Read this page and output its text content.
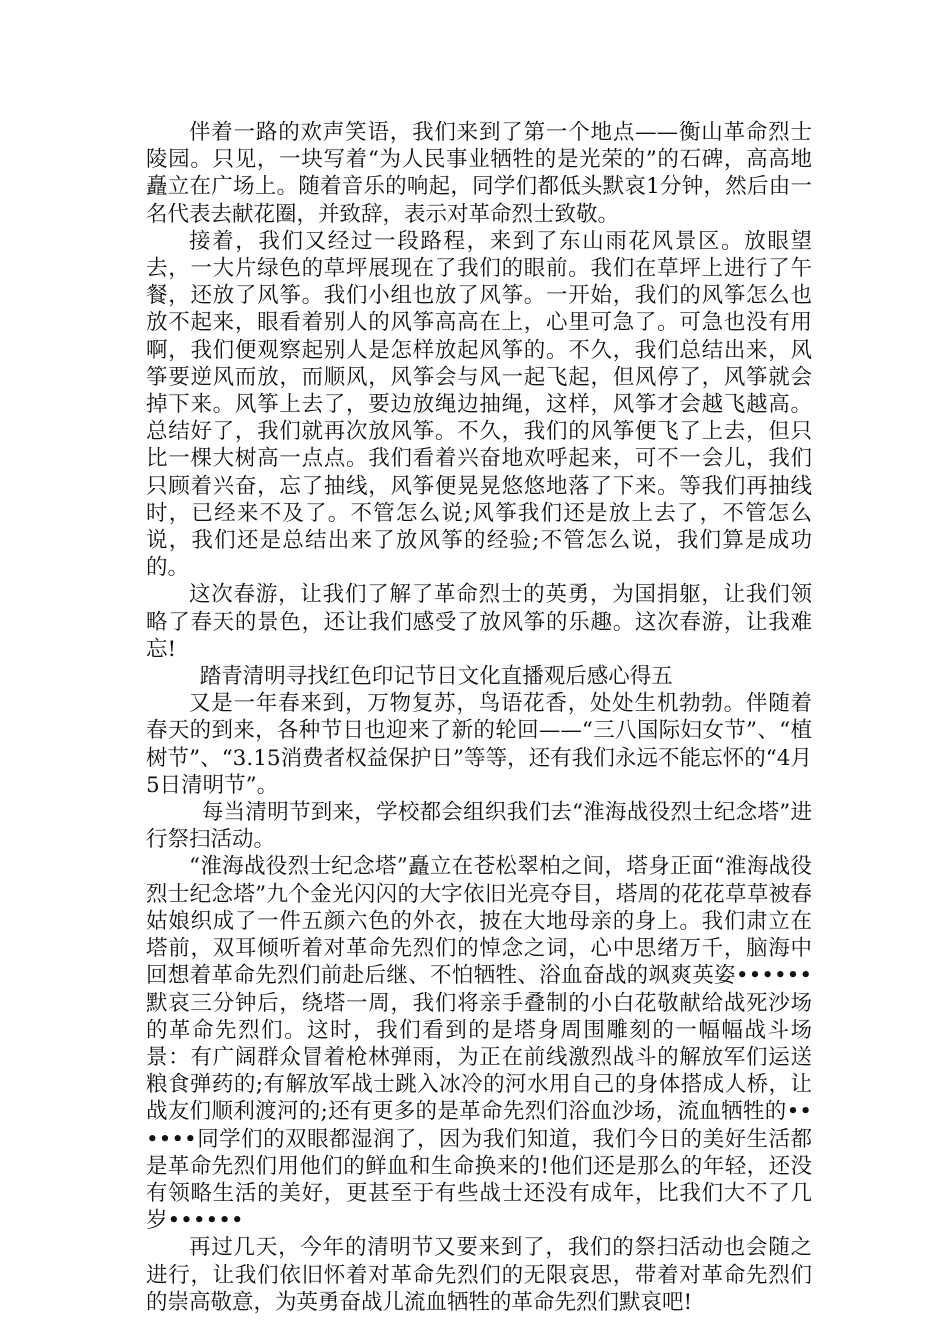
伴着一路的欢声笑语，我们来到了第一个地点——衡山革命烈士陵园。只见，一块写着“为人民事业牺牲的是光荣的”的石碑，高高地矗立在广场上。随着音乐的响起，同学们都低头默哀1分钟，然后由一名代表去献花圈，并致辞，表示对革命烈士致敬。

接着，我们又经过一段路程，来到了东山雨花风景区。放眼望去，一大片绿色的草坪展现在了我们的眼前。我们在草坪上进行了午餐，还放了风筝。我们小组也放了风筝。一开始，我们的风筝怎么也放不起来，眼看着别人的风筝高高在上，心里可急了。可急也没有用啊，我们便观察起别人是怎样放起风筝的。不久，我们总结出来，风筝要逆风而放，而顺风，风筝会与风一起飞起，但风停了，风筝就会掉下来。风筝上去了，要边放绳边抽绳，这样，风筝才会越飞越高。总结好了，我们就再次放风筝。不久，我们的风筝便飞了上去，但只比一棵大树高一点点。我们看着兴奋地欢呼起来，可不一会儿，我们只顾着兴奋，忘了抽线，风筝便晃晃悠悠地落了下来。等我们再抽线时，已经来不及了。不管怎么说;风筝我们还是放上去了，不管怎么说，我们还是总结出来了放风筝的经验;不管怎么说，我们算是成功的。

这次春游，让我们了解了革命烈士的英勇，为国捐躯，让我们领略了春天的景色，还让我们感受了放风筝的乐趣。这次春游，让我难忘!

踏青清明寻找红色印记节日文化直播观后感心得五

又是一年春来到，万物复苏，鸟语花香，处处生机勃勃。伴随着春天的到来，各种节日也迎来了新的轮回——“三八国际妇女节”、“植树节”、“3.15消费者权益保护日”等等，还有我们永远不能忘怀的“4月5日清明节”。

每当清明节到来，学校都会组织我们去“淮海战役烈士纪念塔”进行祭扫活动。

“淮海战役烈士纪念塔”矗立在苍松翠柏之间，塔身正面“淮海战役烈士纪念塔”九个金光闪闪的大字依旧光亮夺目，塔周的花花草草被春姑娘织成了一件五颜六色的外衣，披在大地母亲的身上。我们肃立在塔前，双耳倾听着对革命先烈们的悼念之词，心中思绪万千，脑海中回想着革命先烈们前赴后继、不怕牺牲、浴血奋战的飒爽英姿••••••默哀三分钟后，绕塔一周，我们将亲手叠制的小白花敬献给战死沙场的革命先烈们。这时，我们看到的是塔身周围雕刻的一幅幅战斗场景：有广阔群众冒着枪林弹雨，为正在前线激烈战斗的解放军们运送粮食弹药的;有解放军战士跳入冰冷的河水用自己的身体搭成人桥，让战友们顺利渡河的;还有更多的是革命先烈们浴血沙场，流血牺牲的••••••同学们的双眼都湿润了，因为我们知道，我们今日的美好生活都是革命先烈们用他们的鲜血和生命换来的!他们还是那么的年轻，还没有领略生活的美好，更甚至于有些战士还没有成年，比我们大不了几岁••••••

再过几天，今年的清明节又要来到了，我们的祭扫活动也会随之进行，让我们依旧怀着对革命先烈们的无限哀思，带着对革命先烈们的崇高敬意，为英勇奋战儿流血牺牲的革命先烈们默哀吧!
